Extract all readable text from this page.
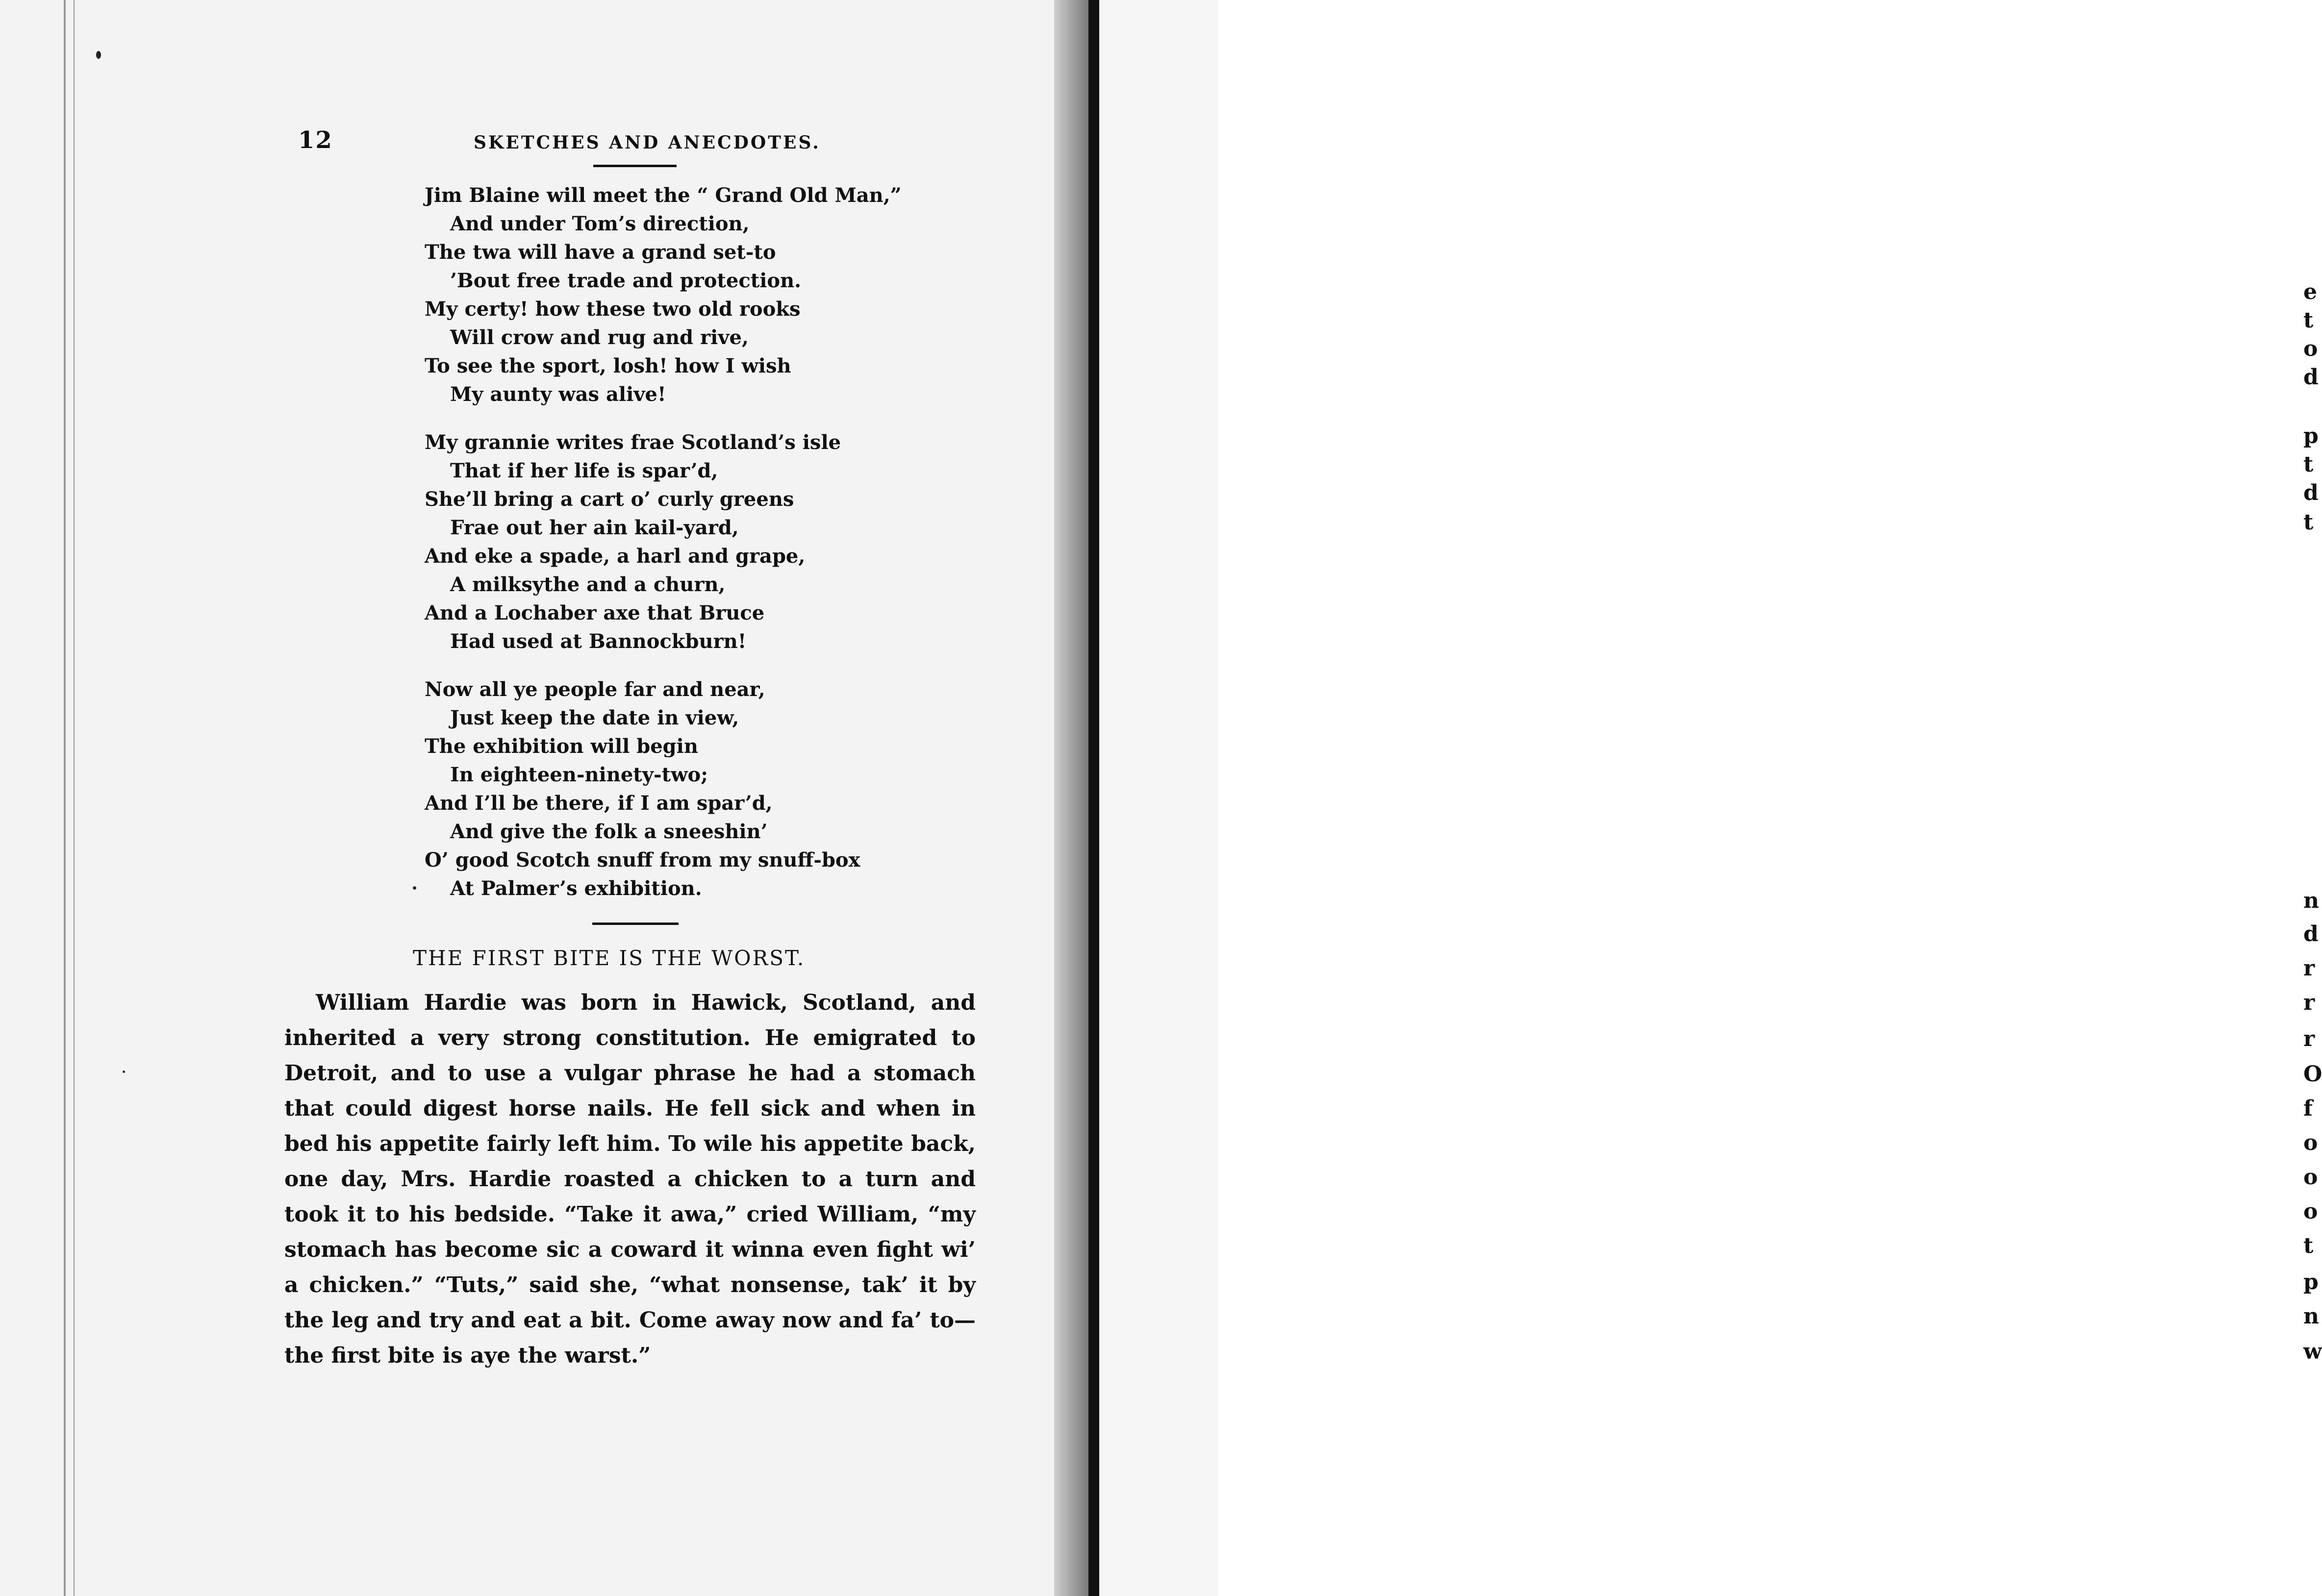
12	SKETCHES AND ANECDOTES.
Jim Blaine will meet the “ Grand Old Man,”
And under Tom’s direction,
The twa will have a grand set-to
’Bout free trade and protection.
My certy! how these two old rooks
Will crow and rug and rive,
To see the sport, losh! how I wish
My aunty was alive!
My grannie writes frae Scotland’s isle
That if her life is spar’d,
She’ll bring a cart o’ curly greens
Frae out her ain kail-yard,
And eke a spade, a harl and grape,
A milksythe and a churn,
And a Lochaber axe that Bruce
Had used at Bannockburn!
Now all ye people far and near,
Just keep the date in view,
The exhibition will begin
In eighteen-ninety-two;
And I’ll be there, if I am spar’d,
And give the folk a sneeshin’
O’ good Scotch snuff from my snuff-box
At Palmer’s exhibition.
THE FIRST BITE IS THE WORST.

William Hardie was born in Hawick, Scotland, and inherited a very strong constitution. He emigrated to Detroit, and to use a vulgar phrase he had a stomach that could digest horse nails. He fell sick and when in bed his appetite fairly left him. To wile his appetite back, one day, Mrs. Hardie roasted a chicken to a turn and took it to his bedside. “Take it awa,” cried William, “my stomach has become sic a coward it winna even fight wi’ a chicken.” “Tuts,” said she, “what nonsense, tak’ it by the leg and try and eat a bit. Come away now and fa’ to—the first bite is aye the warst.”

e
t
o
d
p
t
d
t
n
d
r
r
r
O
f
o
o
o
t
p
n
w
